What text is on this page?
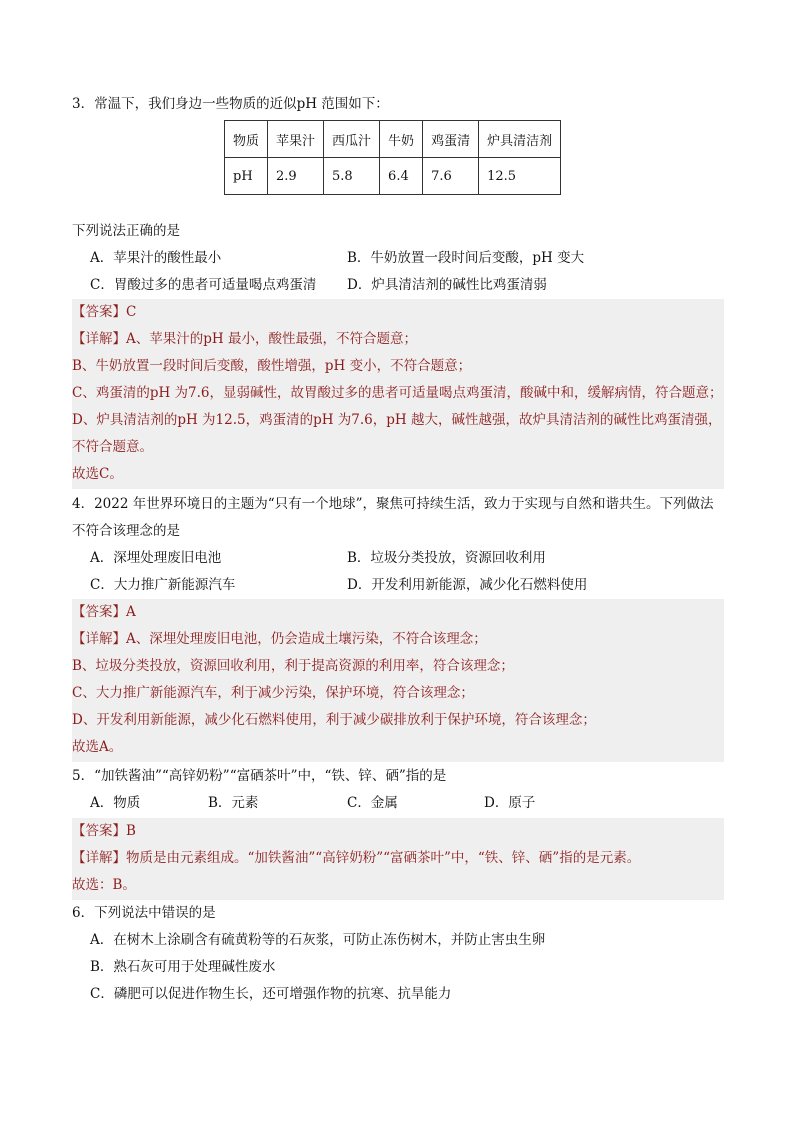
3．常温下，我们身边一些物质的近似pH 范围如下：
物质	苹果汁	西瓜汁	牛奶	鸡蛋清	炉具清洁剂
pH	2.9	5.8	6.4	7.6	12.5
下列说法正确的是
A．苹果汁的酸性最小	B．牛奶放置一段时间后变酸，pH 变大
C．胃酸过多的患者可适量喝点鸡蛋清 D．炉具清洁剂的碱性比鸡蛋清弱
【答案】C
【详解】A、苹果汁的pH 最小，酸性最强，不符合题意；
B、牛奶放置一段时间后变酸，酸性增强，pH 变小，不符合题意；
C、鸡蛋清的pH 为7.6，显弱碱性，故胃酸过多的患者可适量喝点鸡蛋清，酸碱中和，缓解病情，符合题意；
D、炉具清洁剂的pH 为12.5，鸡蛋清的pH 为7.6，pH 越大，碱性越强，故炉具清洁剂的碱性比鸡蛋清强，
不符合题意。
故选C。
4．2022 年世界环境日的主题为“只有一个地球”，聚焦可持续生活，致力于实现与自然和谐共生。下列做法
不符合该理念的是
A．深埋处理废旧电池	B．垃圾分类投放，资源回收利用
C．大力推广新能源汽车	D．开发利用新能源，减少化石燃料使用
【答案】A
【详解】A、深埋处理废旧电池，仍会造成土壤污染，不符合该理念；
B、垃圾分类投放，资源回收利用，利于提高资源的利用率，符合该理念；
C、大力推广新能源汽车，利于减少污染，保护环境，符合该理念；
D、开发利用新能源，减少化石燃料使用，利于减少碳排放利于保护环境，符合该理念；
故选A。
5．“加铁酱油”“高锌奶粉”“富硒茶叶”中，“铁、锌、硒”指的是
A．物质	B．元素	C．金属	D．原子
【答案】B
【详解】物质是由元素组成。“加铁酱油”“高锌奶粉”“富硒茶叶”中，“铁、锌、硒”指的是元素。
故选：B。
6．下列说法中错误的是
A．在树木上涂刷含有硫黄粉等的石灰浆，可防止冻伤树木，并防止害虫生卵
B．熟石灰可用于处理碱性废水
C．磷肥可以促进作物生长，还可增强作物的抗寒、抗旱能力
